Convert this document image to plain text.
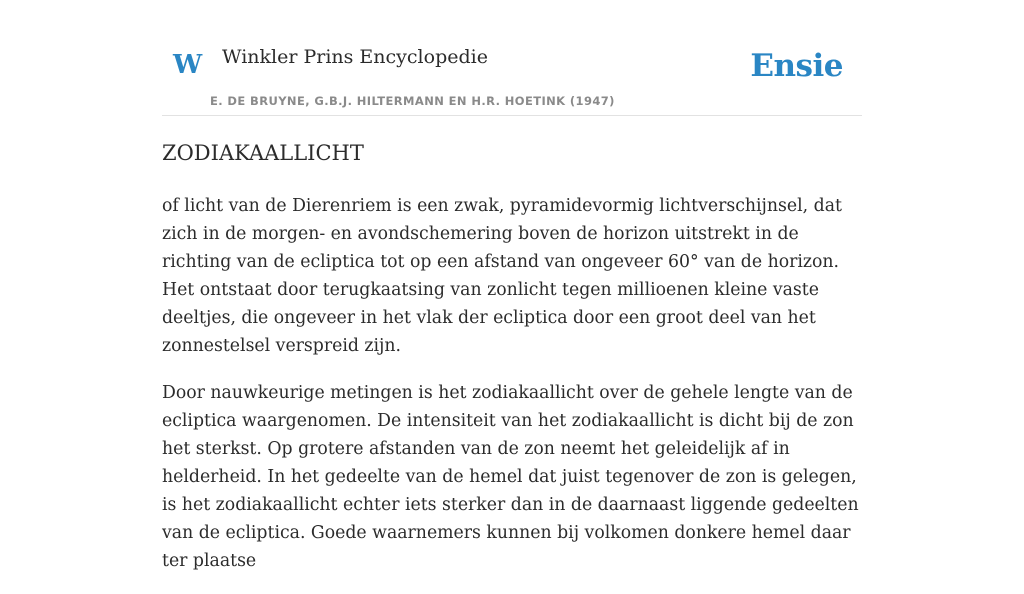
W Winkler Prins Encyclopedie
E. DE BRUYNE, G.B.J. HILTERMANN EN H.R. HOETINK (1947)
Ensie
ZODIAKAALLICHT

of licht van de Dierenriem is een zwak, pyramidevormig lichtverschijnsel, dat zich in de morgen- en avondschemering boven de horizon uitstrekt in de richting van de ecliptica tot op een afstand van ongeveer 60° van de horizon. Het ontstaat door terugkaatsing van zonlicht tegen millioenen kleine vaste deeltjes, die ongeveer in het vlak der ecliptica door een groot deel van het zonnestelsel verspreid zijn.

Door nauwkeurige metingen is het zodiakaallicht over de gehele lengte van de ecliptica waargenomen. De intensiteit van het zodiakaallicht is dicht bij de zon het sterkst. Op grotere afstanden van de zon neemt het geleidelijk af in helderheid. In het gedeelte van de hemel dat juist tegenover de zon is gelegen, is het zodiakaallicht echter iets sterker dan in de daarnaast liggende gedeelten van de ecliptica. Goede waarnemers kunnen bij volkomen donkere hemel daar ter plaatse
